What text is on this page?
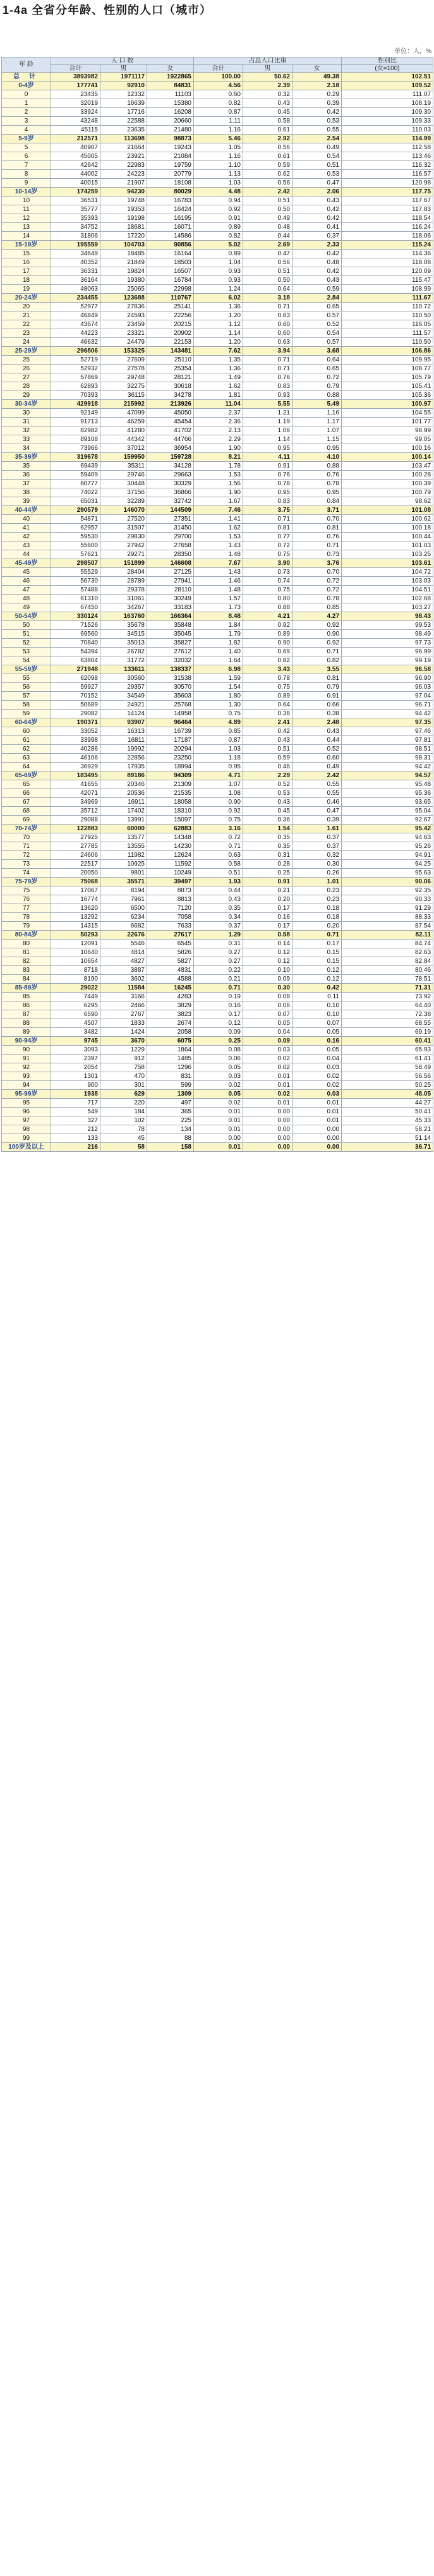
1-4a 全省分年龄、性别的人口（城市）
单位：人，%
年 龄	人 口 数			占总人口比重			性别比
	合计	男	女	合计	男	女	(女=100)
总 计	3893982	1971117	1922865	100.00	50.62	49.38	102.51
0-4岁	177741	92910	84831	4.56	2.39	2.18	109.52
0	23435	12332	11103	0.60	0.32	0.29	111.07
1	32019	16639	15380	0.82	0.43	0.39	108.19
2	33924	17716	16208	0.87	0.45	0.42	109.30
3	43248	22588	20660	1.11	0.58	0.53	109.33
4	45115	23635	21480	1.16	0.61	0.55	110.03
5-9岁	212571	113698	98873	5.46	2.92	2.54	114.99
5	40907	21664	19243	1.05	0.56	0.49	112.58
6	45005	23921	21084	1.16	0.61	0.54	113.46
7	42642	22983	19759	1.10	0.59	0.51	116.32
8	44002	24223	20779	1.13	0.62	0.53	116.57
9	40015	21907	18108	1.03	0.56	0.47	120.98
10-14岁	174259	94230	80029	4.48	2.42	2.06	117.75
10	36531	19748	16783	0.94	0.51	0.43	117.67
11	35777	19353	16424	0.92	0.50	0.42	117.83
12	35393	19198	16195	0.91	0.49	0.42	118.54
13	34752	18681	16071	0.89	0.48	0.41	116.24
14	31806	17220	14586	0.82	0.44	0.37	118.06
15-19岁	195559	104703	90856	5.02	2.69	2.33	115.24
15	34649	18485	16164	0.89	0.47	0.42	114.36
16	40352	21849	18503	1.04	0.56	0.48	118.08
17	36331	19824	16507	0.93	0.51	0.42	120.09
18	36164	19380	16784	0.93	0.50	0.43	115.47
19	48063	25065	22998	1.24	0.64	0.59	108.99
20-24岁	234455	123688	110767	6.02	3.18	2.84	111.67
20	52977	27836	25141	1.36	0.71	0.65	110.72
21	46849	24593	22256	1.20	0.63	0.57	110.50
22	43674	23459	20215	1.12	0.60	0.52	116.05
23	44223	23321	20902	1.14	0.60	0.54	111.57
24	46632	24479	22153	1.20	0.63	0.57	110.50
25-29岁	296806	153325	143481	7.62	3.94	3.68	106.86
25	52719	27609	25110	1.35	0.71	0.64	109.95
26	52932	27578	25354	1.36	0.71	0.65	108.77
27	57869	29748	28121	1.49	0.76	0.72	105.79
28	62893	32275	30618	1.62	0.83	0.79	105.41
29	70393	36115	34278	1.81	0.93	0.88	105.36
30-34岁	429918	215992	213926	11.04	5.55	5.49	100.97
30	92149	47099	45050	2.37	1.21	1.16	104.55
31	91713	46259	45454	2.36	1.19	1.17	101.77
32	82982	41280	41702	2.13	1.06	1.07	98.99
33	89108	44342	44766	2.29	1.14	1.15	99.05
34	73966	37012	36954	1.90	0.95	0.95	100.16
35-39岁	319678	159950	159728	8.21	4.11	4.10	100.14
35	69439	35311	34128	1.78	0.91	0.88	103.47
36	59409	29746	29663	1.53	0.76	0.76	100.28
37	60777	30448	30329	1.56	0.78	0.78	100.39
38	74022	37156	36866	1.90	0.95	0.95	100.79
39	65031	32289	32742	1.67	0.83	0.84	98.62
40-44岁	290579	146070	144509	7.46	3.75	3.71	101.08
40	54871	27520	27351	1.41	0.71	0.70	100.62
41	62957	31507	31450	1.62	0.81	0.81	100.18
42	59530	29830	29700	1.53	0.77	0.76	100.44
43	55600	27942	27658	1.43	0.72	0.71	101.03
44	57621	29271	28350	1.48	0.75	0.73	103.25
45-49岁	298507	151899	146608	7.67	3.90	3.76	103.61
45	55529	28404	27125	1.43	0.73	0.70	104.72
46	56730	28789	27941	1.46	0.74	0.72	103.03
47	57488	29378	28110	1.48	0.75	0.72	104.51
48	61310	31061	30249	1.57	0.80	0.78	102.68
49	67450	34267	33183	1.73	0.88	0.85	103.27
50-54岁	330124	163760	166364	8.48	4.21	4.27	98.43
50	71526	35678	35848	1.84	0.92	0.92	99.53
51	69560	34515	35045	1.79	0.89	0.90	98.49
52	70840	35013	35827	1.82	0.90	0.92	97.73
53	54394	26782	27612	1.40	0.69	0.71	96.99
54	63804	31772	32032	1.64	0.82	0.82	99.19
55-59岁	271948	133611	138337	6.98	3.43	3.55	96.58
55	62098	30560	31538	1.59	0.78	0.81	96.90
56	59927	29357	30570	1.54	0.75	0.79	96.03
57	70152	34549	35603	1.80	0.89	0.91	97.04
58	50689	24921	25768	1.30	0.64	0.66	96.71
59	29082	14124	14958	0.75	0.36	0.38	94.42
60-64岁	190371	93907	96464	4.89	2.41	2.48	97.35
60	33052	16313	16739	0.85	0.42	0.43	97.46
61	33998	16811	17187	0.87	0.43	0.44	97.81
62	40286	19992	20294	1.03	0.51	0.52	98.51
63	46106	22856	23250	1.18	0.59	0.60	98.31
64	36929	17935	18994	0.95	0.46	0.49	94.42
65-69岁	183495	89186	94309	4.71	2.29	2.42	94.57
65	41655	20346	21309	1.07	0.52	0.55	95.48
66	42071	20536	21535	1.08	0.53	0.55	95.36
67	34969	16911	18058	0.90	0.43	0.46	93.65
68	35712	17402	18310	0.92	0.45	0.47	95.04
69	29088	13991	15097	0.75	0.36	0.39	92.67
70-74岁	122883	60000	62883	3.16	1.54	1.61	95.42
70	27925	13577	14348	0.72	0.35	0.37	94.63
71	27785	13555	14230	0.71	0.35	0.37	95.26
72	24606	11982	12624	0.63	0.31	0.32	94.91
73	22517	10925	11592	0.58	0.28	0.30	94.25
74	20050	9801	10249	0.51	0.25	0.26	95.63
75-79岁	75068	35571	39497	1.93	0.91	1.01	90.06
75	17067	8194	8873	0.44	0.21	0.23	92.35
76	16774	7961	8813	0.43	0.20	0.23	90.33
77	13620	6500	7120	0.35	0.17	0.18	91.29
78	13292	6234	7058	0.34	0.16	0.18	88.33
79	14315	6682	7633	0.37	0.17	0.20	87.54
80-84岁	50293	22676	27617	1.29	0.58	0.71	82.11
80	12091	5546	6545	0.31	0.14	0.17	84.74
81	10640	4814	5826	0.27	0.12	0.15	82.63
82	10654	4827	5827	0.27	0.12	0.15	82.84
83	8718	3887	4831	0.22	0.10	0.12	80.46
84	8190	3602	4588	0.21	0.09	0.12	78.51
85-89岁	29022	11584	16245	0.71	0.30	0.42	71.31
85	7449	3166	4283	0.19	0.08	0.11	73.92
86	6295	2466	3829	0.16	0.06	0.10	64.40
87	6590	2767	3823	0.17	0.07	0.10	72.38
88	4507	1833	2674	0.12	0.05	0.07	68.55
89	3482	1424	2058	0.09	0.04	0.05	69.19
90-94岁	9745	3670	6075	0.25	0.09	0.16	60.41
90	3093	1229	1864	0.08	0.03	0.05	65.93
91	2397	912	1485	0.06	0.02	0.04	61.41
92	2054	758	1296	0.05	0.02	0.03	58.49
93	1301	470	831	0.03	0.01	0.02	56.56
94	900	301	599	0.02	0.01	0.02	50.25
95-99岁	1938	629	1309	0.05	0.02	0.03	48.05
95	717	220	497	0.02	0.01	0.01	44.27
96	549	184	365	0.01	0.00	0.01	50.41
97	327	102	225	0.01	0.00	0.01	45.33
98	212	78	134	0.01	0.00	0.00	58.21
99	133	45	88	0.00	0.00	0.00	51.14
100岁及以上	216	58	158	0.01	0.00	0.00	36.71
